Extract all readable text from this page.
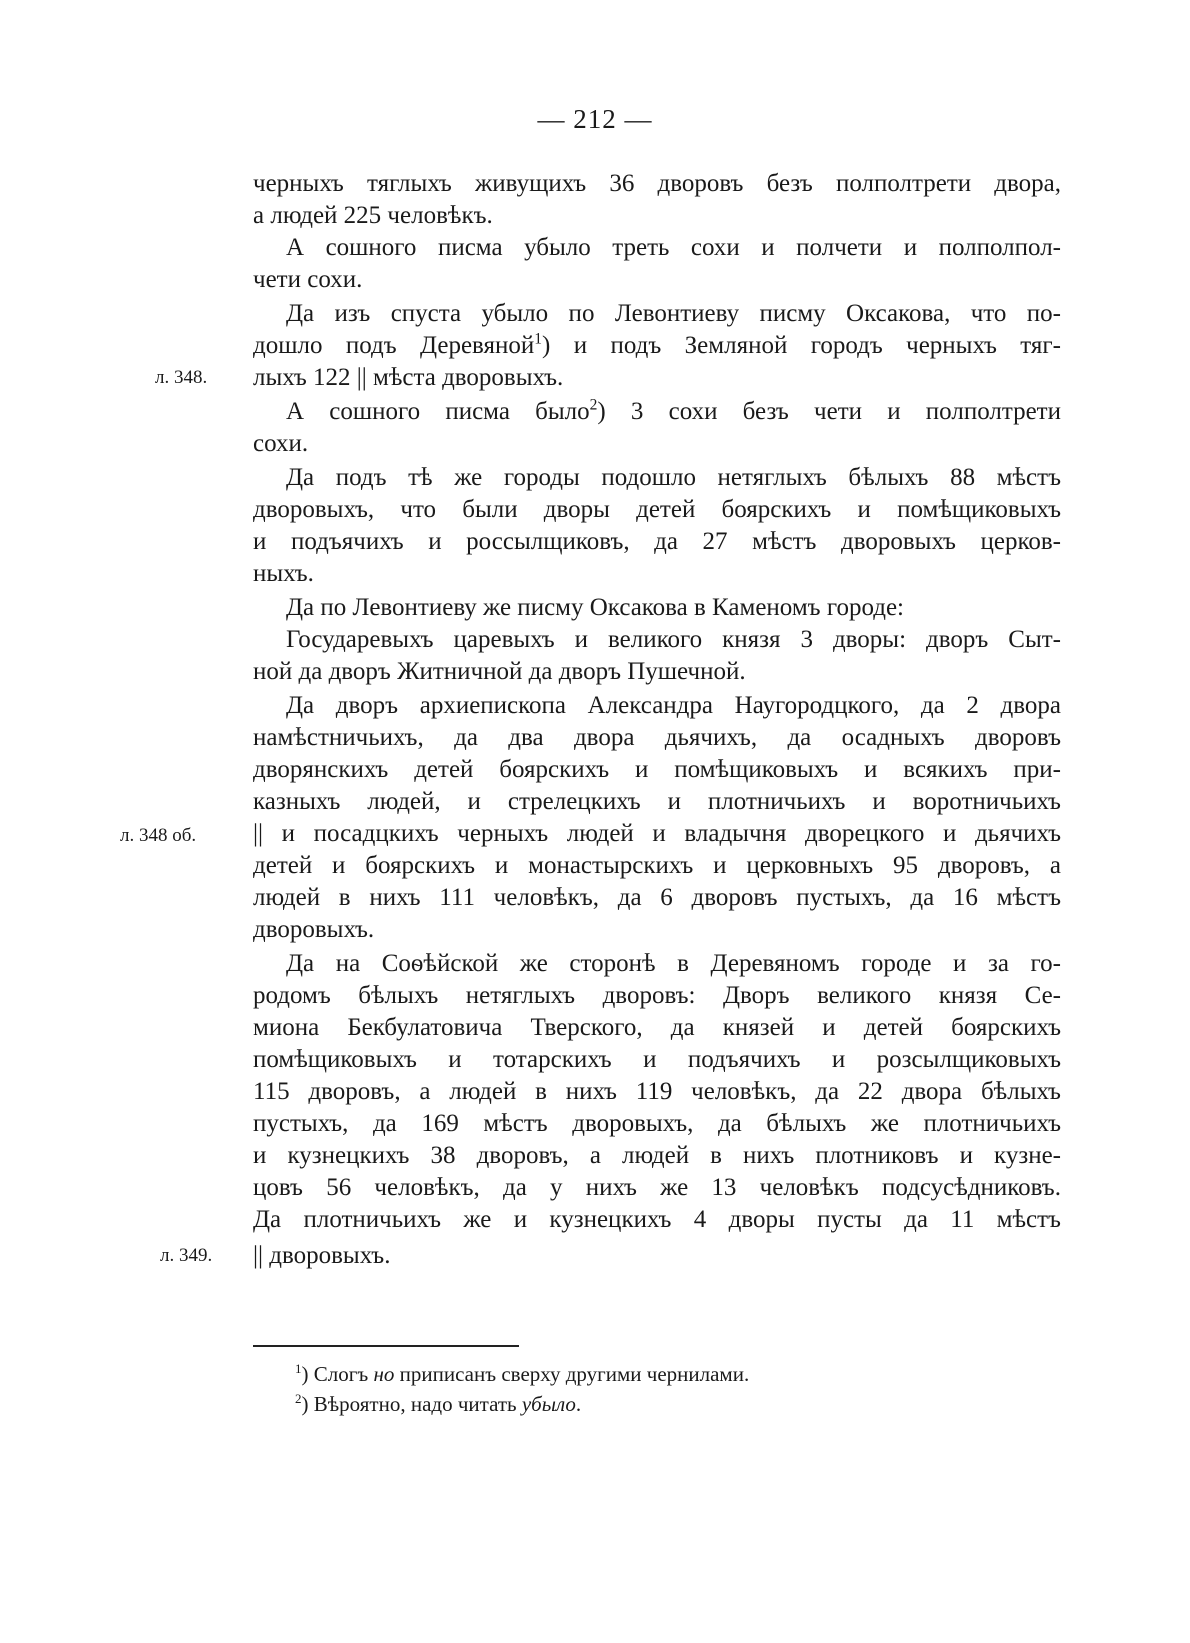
— 212 —
черныхъ тяглыхъ живущихъ 36 дворовъ безъ полполтрети двора,
а людей 225 человѣкъ.
А сошного писма убыло треть сохи и полчети и полполпол-
чети сохи.
Да изъ спуста убыло по Левонтиеву писму Оксакова, что по-
дошло подъ Деревяной$^1$) и подъ Земляной городъ черныхъ тяг-
лыхъ 122 || мѣста дворовыхъ.
А сошного писма было$^2$) 3 сохи безъ чети и полполтрети
сохи.
Да подъ тѣ же городы подошло нетяглыхъ бѣлыхъ 88 мѣстъ
дворовыхъ, что были дворы детей боярскихъ и помѣщиковыхъ
и подъячихъ и россылщиковъ, да 27 мѣстъ дворовыхъ церков-
ныхъ.
Да по Левонтиеву же писму Оксакова в Каменомъ городе:
Государевыхъ царевыхъ и великого князя 3 дворы: дворъ Сыт-
ной да дворъ Житничной да дворъ Пушечной.
Да дворъ архиепископа Александра Наугородцкого, да 2 двора
намѣстничьихъ, да два двора дьячихъ, да осадныхъ дворовъ
дворянскихъ детей боярскихъ и помѣщиковыхъ и всякихъ при-
казныхъ людей, и стрелецкихъ и плотничьихъ и воротничьихъ
|| и посадцкихъ черныхъ людей и владычня дворецкого и дьячихъ
детей и боярскихъ и монастырскихъ и церковныхъ 95 дворовъ, а
людей в нихъ 111 человѣкъ, да 6 дворовъ пустыхъ, да 16 мѣстъ
дворовыхъ.
Да на Соѳѣйской же сторонѣ в Деревяномъ городе и за го-
родомъ бѣлыхъ нетяглыхъ дворовъ: Дворъ великого князя Се-
миона Бекбулатовича Тверского, да князей и детей боярскихъ
помѣщиковыхъ и тотарскихъ и подъячихъ и розсылщиковыхъ
115 дворовъ, а людей в нихъ 119 человѣкъ, да 22 двора бѣлыхъ
пустыхъ, да 169 мѣстъ дворовыхъ, да бѣлыхъ же плотничьихъ
и кузнецкихъ 38 дворовъ, а людей в нихъ плотниковъ и кузне-
цовъ 56 человѣкъ, да у нихъ же 13 человѣкъ подсусѣдниковъ.
Да плотничьихъ же и кузнецкихъ 4 дворы пусты да 11 мѣстъ
|| дворовыхъ.
л. 348.
л. 348 об.
л. 349.
$^1$) Слогъ но приписанъ сверху другими чернилами.
$^2$) Вѣроятно, надо читать убыло.
